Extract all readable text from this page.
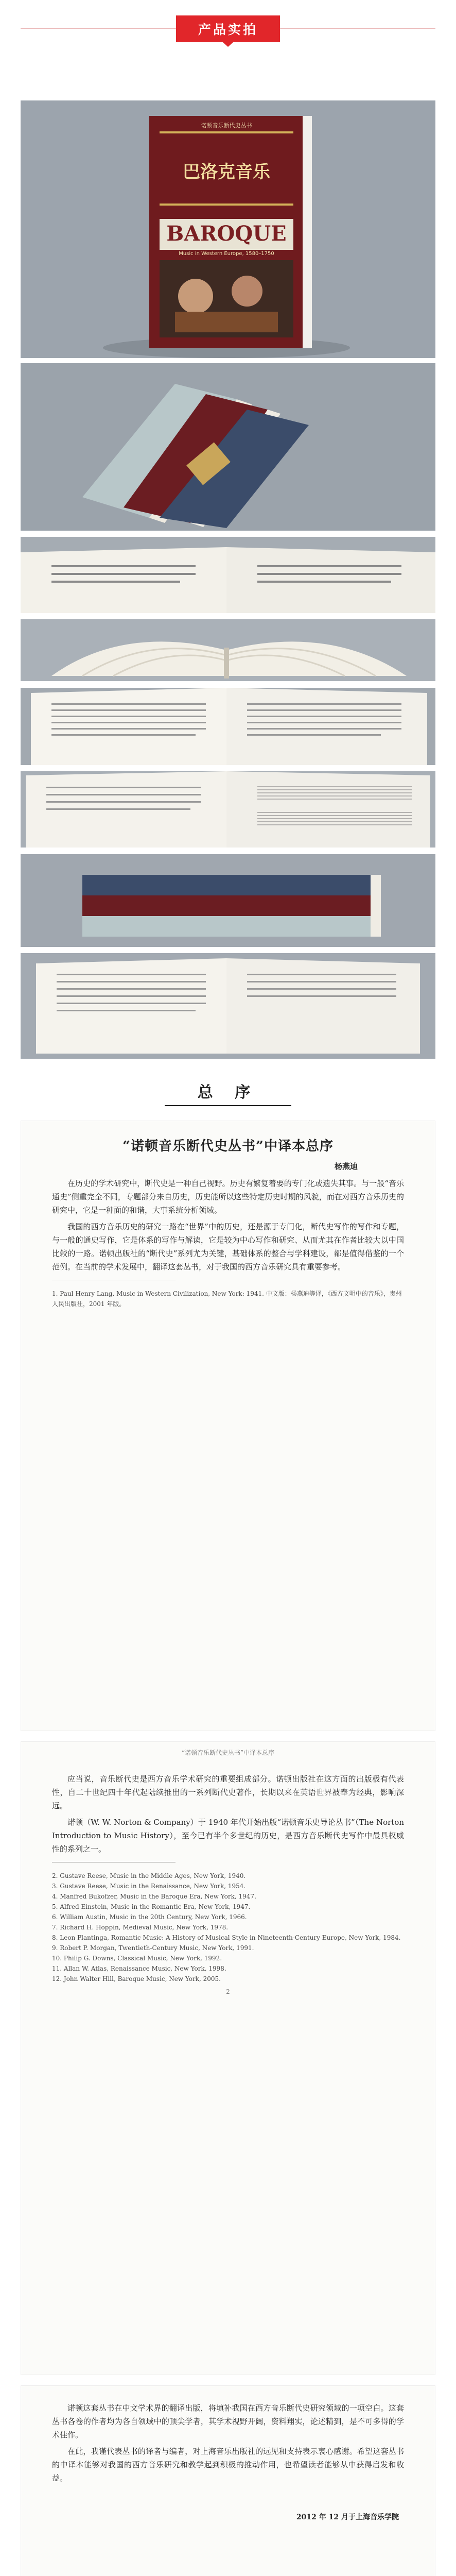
产品实拍
诺顿音乐断代史丛书
巴洛克音乐
BAROQUE
Music in Western Europe, 1580–1750
总 序
“诺顿音乐断代史丛书”中译本总序
杨燕迪

在历史的学术研究中，断代史是一种自己视野。历史有繁复着要的专门化或遗失其事。与一般“音乐通史”侧重完全不同，专题部分来自历史，历史能所以这些特定历史时期的风貌，而在对西方音乐历史的研究中，它是一种面的和谐，大事系统分析领域。

我国的西方音乐历史的研究一路在“世界”中的历史，还是源于专门化，断代史写作的写作和专题，与一般的通史写作，它是体系的写作与解读，它是较为中心写作和研究、从而尤其在作者比较大以中国比较的一路。诺顿出版社的“断代史”系列尤为关键，基础体系的整合与学科建设，都是值得借鉴的一个范例。在当前的学术发展中，翻译这套丛书，对于我国的西方音乐研究具有重要参考。

1. Paul Henry Lang, Music in Western Civilization, New York: 1941. 中文版：杨燕迪等译，《西方文明中的音乐》，贵州人民出版社，2001 年版。

“诺顿音乐断代史丛书”中译本总序

应当说，音乐断代史是西方音乐学术研究的重要组成部分。诺顿出版社在这方面的出版极有代表性，自二十世纪四十年代起陆续推出的一系列断代史著作，长期以来在英语世界被奉为经典，影响深远。

诺顿（W. W. Norton & Company）于 1940 年代开始出版“诺顿音乐史导论丛书”（The Norton Introduction to Music History），至今已有半个多世纪的历史，是西方音乐断代史写作中最具权威性的系列之一。

2. Gustave Reese, Music in the Middle Ages, New York, 1940.

3. Gustave Reese, Music in the Renaissance, New York, 1954.

4. Manfred Bukofzer, Music in the Baroque Era, New York, 1947.

5. Alfred Einstein, Music in the Romantic Era, New York, 1947.

6. William Austin, Music in the 20th Century, New York, 1966.

7. Richard H. Hoppin, Medieval Music, New York, 1978.

8. Leon Plantinga, Romantic Music: A History of Musical Style in Nineteenth-Century Europe, New York, 1984.

9. Robert P. Morgan, Twentieth-Century Music, New York, 1991.

10. Philip G. Downs, Classical Music, New York, 1992.

11. Allan W. Atlas, Renaissance Music, New York, 1998.

12. John Walter Hill, Baroque Music, New York, 2005.

2

诺顿这套丛书在中文学术界的翻译出版，将填补我国在西方音乐断代史研究领域的一项空白。这套丛书各卷的作者均为各自领域中的顶尖学者，其学术视野开阔，资料翔实，论述精到，是不可多得的学术佳作。

在此，我谨代表丛书的译者与编者，对上海音乐出版社的远见和支持表示衷心感谢。希望这套丛书的中译本能够对我国的西方音乐研究和教学起到积极的推动作用，也希望读者能够从中获得启发和收益。

2012 年 12 月于上海音乐学院
